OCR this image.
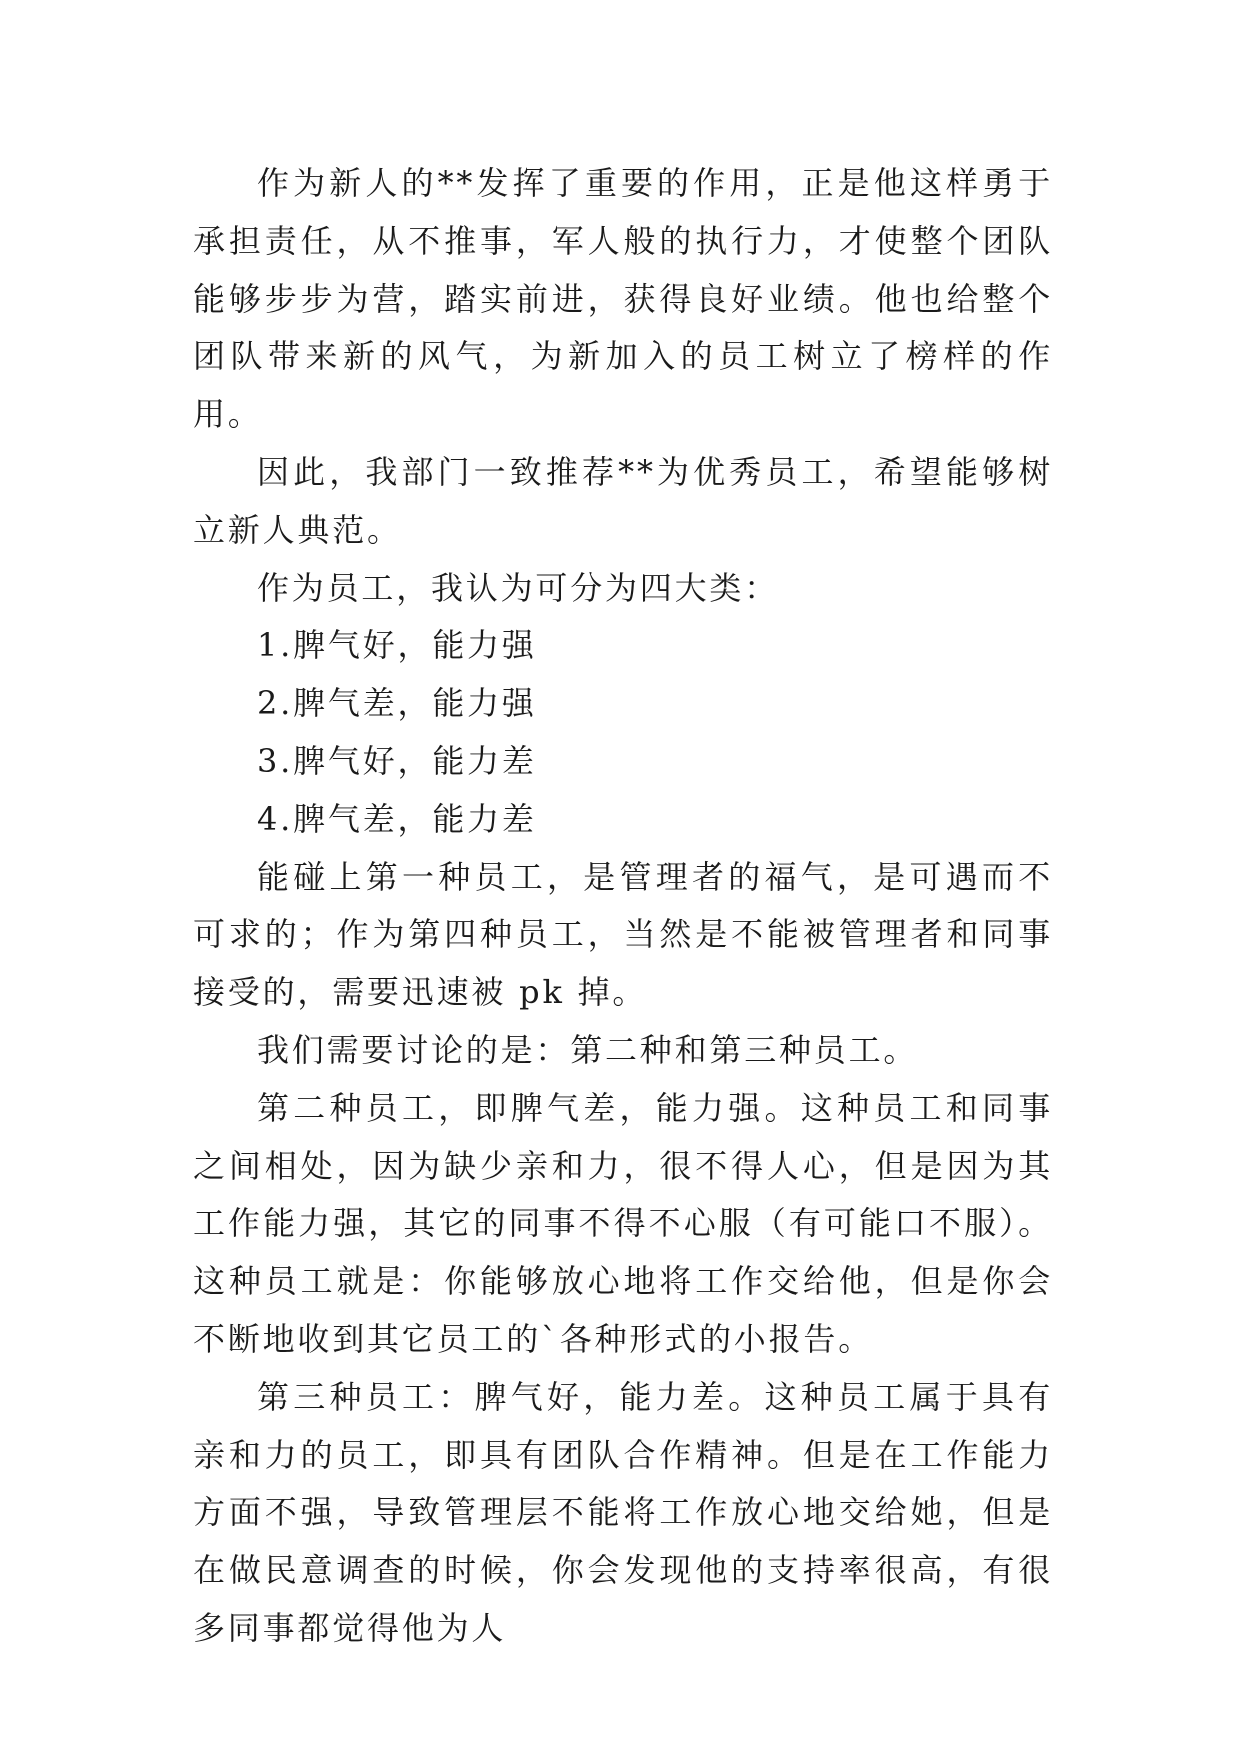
作为新人的**发挥了重要的作用，正是他这样勇于承担责任，从不推事，军人般的执行力，才使整个团队能够步步为营，踏实前进，获得良好业绩。他也给整个团队带来新的风气，为新加入的员工树立了榜样的作用。

因此，我部门一致推荐**为优秀员工，希望能够树立新人典范。

作为员工，我认为可分为四大类：

1.脾气好，能力强

2.脾气差，能力强

3.脾气好，能力差

4.脾气差，能力差

能碰上第一种员工，是管理者的福气，是可遇而不可求的；作为第四种员工，当然是不能被管理者和同事接受的，需要迅速被 pk 掉。

我们需要讨论的是：第二种和第三种员工。

第二种员工，即脾气差，能力强。这种员工和同事之间相处，因为缺少亲和力，很不得人心，但是因为其工作能力强，其它的同事不得不心服（有可能口不服）。这种员工就是：你能够放心地将工作交给他，但是你会不断地收到其它员工的`各种形式的小报告。

第三种员工：脾气好，能力差。这种员工属于具有亲和力的员工，即具有团队合作精神。但是在工作能力方面不强，导致管理层不能将工作放心地交给她，但是在做民意调查的时候，你会发现他的支持率很高，有很多同事都觉得他为人
